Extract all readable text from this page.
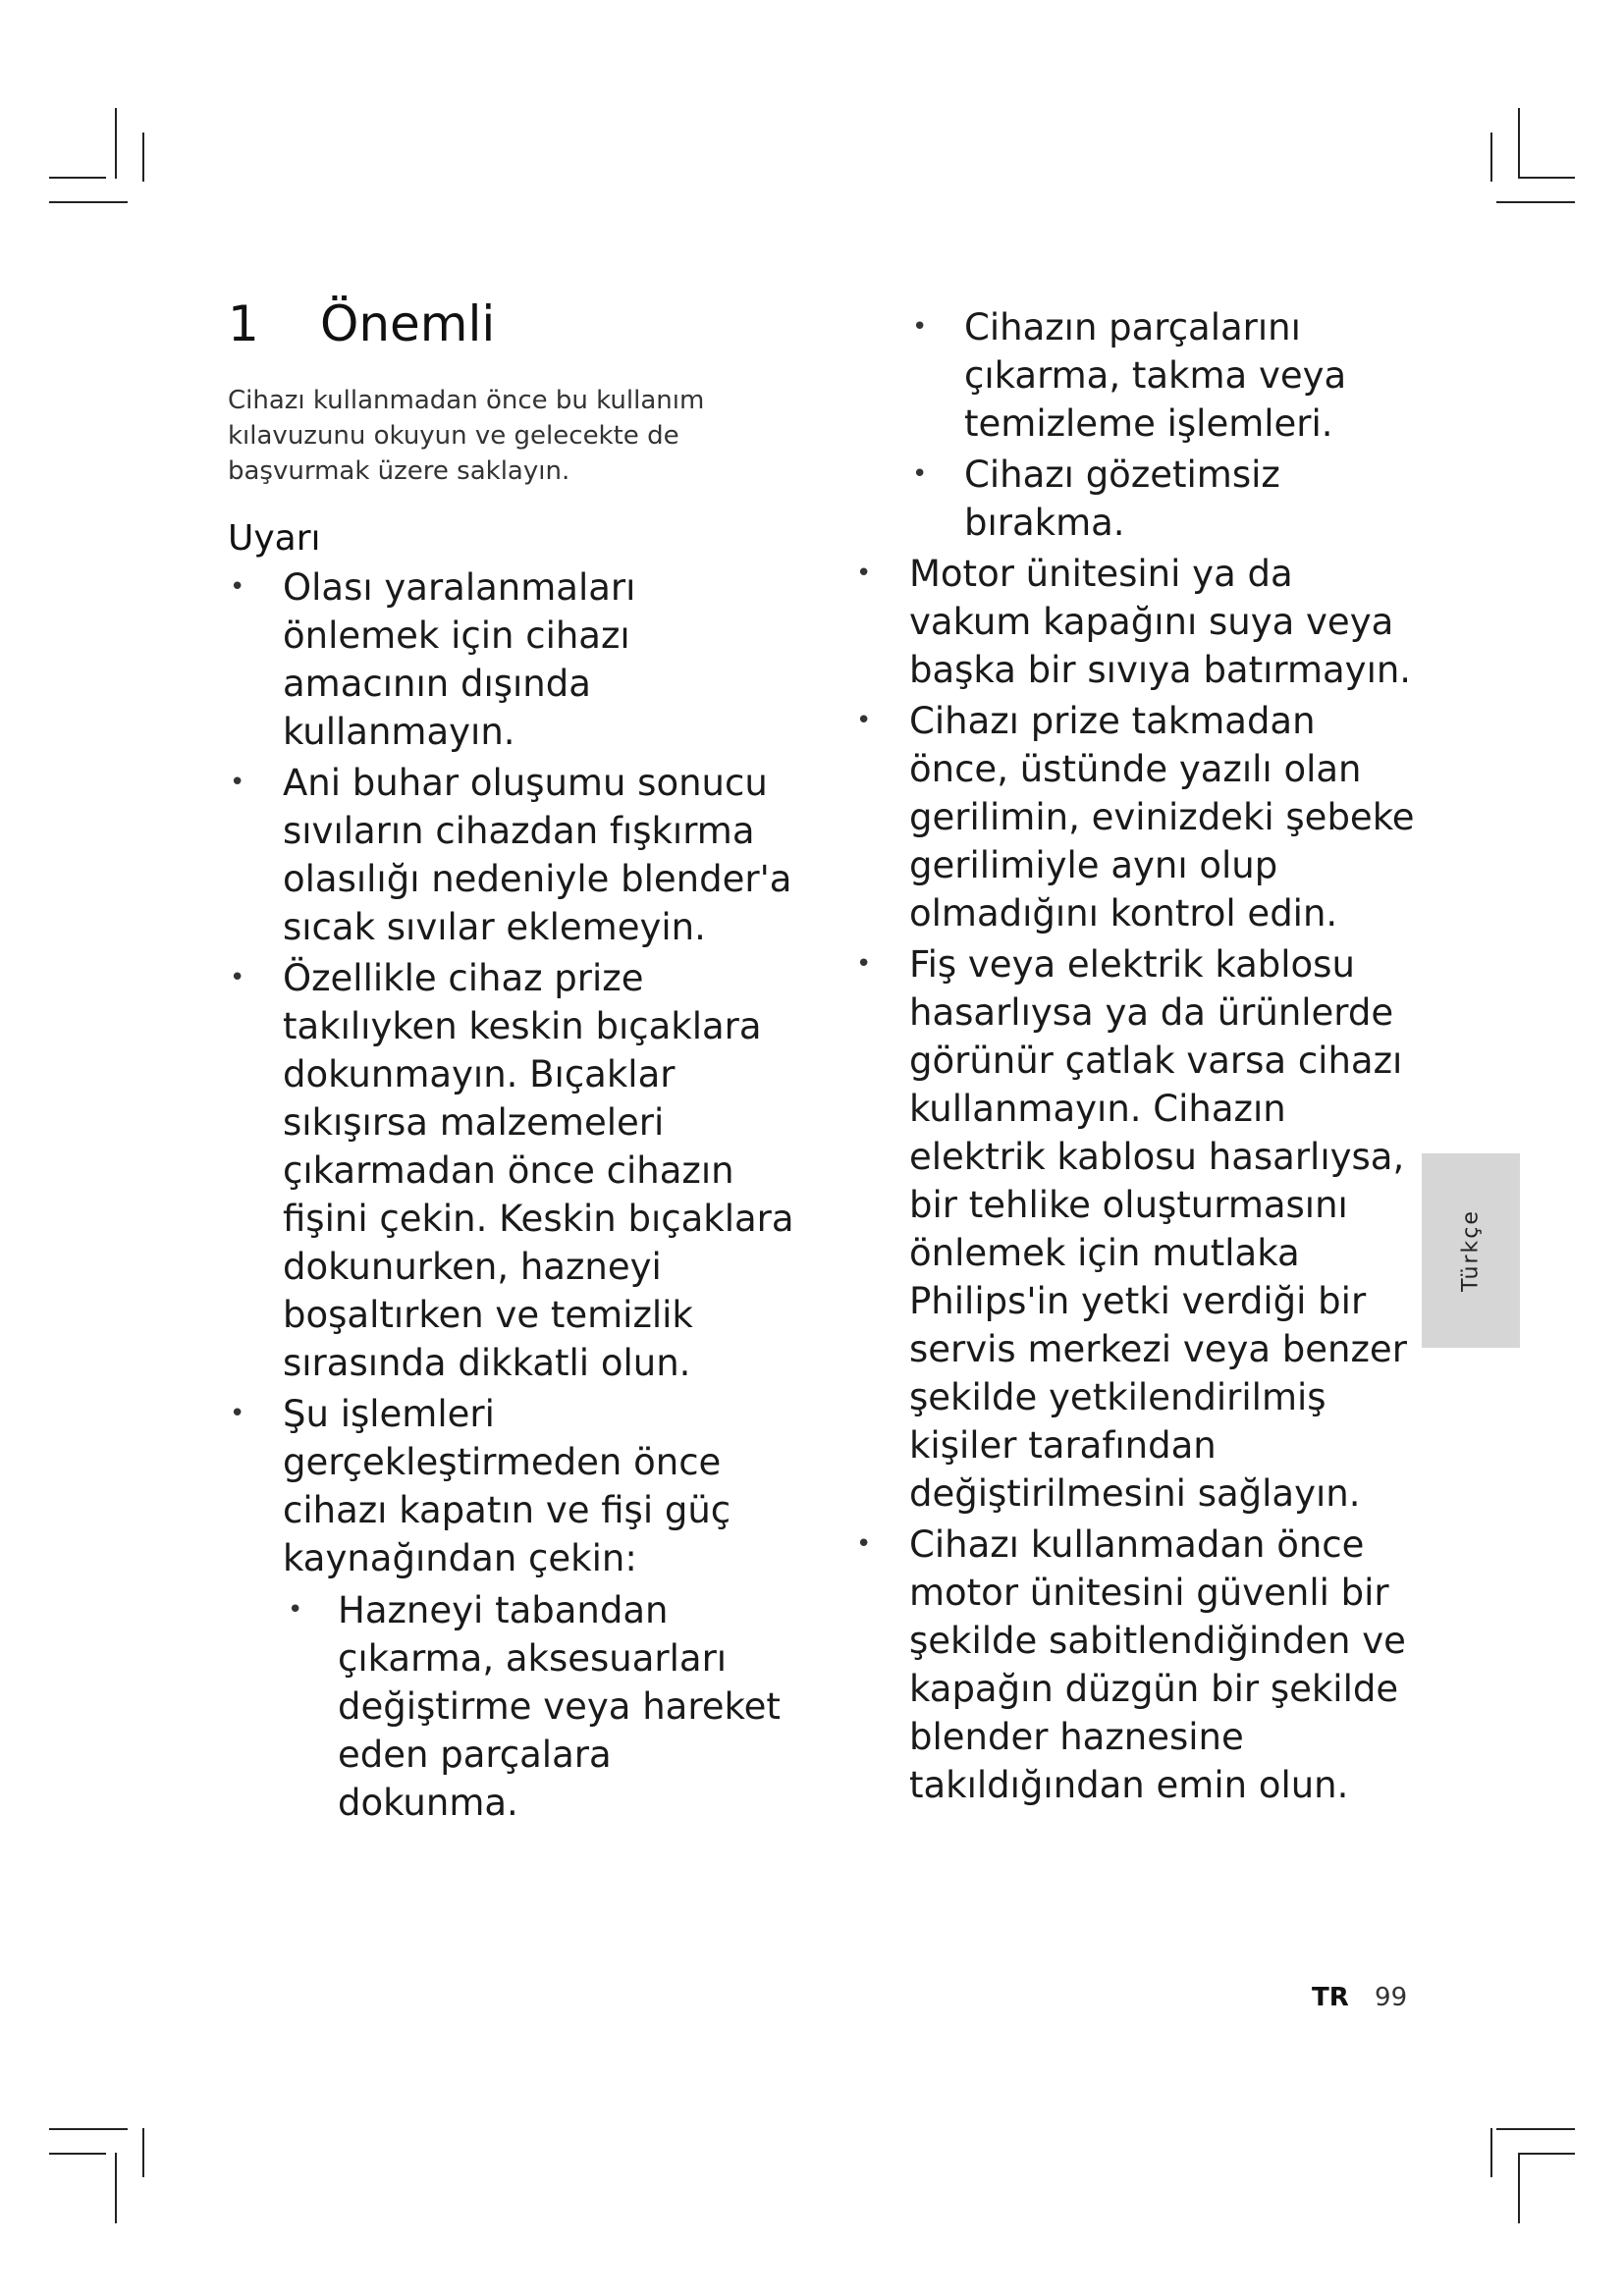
1	Önemli

Cihazı kullanmadan önce bu kullanım kılavuzunu okuyun ve gelecekte de başvurmak üzere saklayın.

Uyarı
• Olası yaralanmaları önlemek için cihazı amacının dışında kullanmayın.
• Ani buhar oluşumu sonucu sıvıların cihazdan fışkırma olasılığı nedeniyle blender'a sıcak sıvılar eklemeyin.
• Özellikle cihaz prize takılıyken keskin bıçaklara dokunmayın. Bıçaklar sıkışırsa malzemeleri çıkarmadan önce cihazın fişini çekin. Keskin bıçaklara dokunurken, hazneyi boşaltırken ve temizlik sırasında dikkatli olun.
• Şu işlemleri gerçekleştirmeden önce cihazı kapatın ve fişi güç kaynağından çekin:
• Hazneyi tabandan çıkarma, aksesuarları değiştirme veya hareket eden parçalara dokunma.
• Cihazın parçalarını çıkarma, takma veya temizleme işlemleri.
• Cihazı gözetimsiz bırakma.
• Motor ünitesini ya da vakum kapağını suya veya başka bir sıvıya batırmayın.
• Cihazı prize takmadan önce, üstünde yazılı olan gerilimin, evinizdeki şebeke gerilimiyle aynı olup olmadığını kontrol edin.
• Fiş veya elektrik kablosu hasarlıysa ya da ürünlerde görünür çatlak varsa cihazı kullanmayın. Cihazın elektrik kablosu hasarlıysa, bir tehlike oluşturmasını önlemek için mutlaka Philips'in yetki verdiği bir servis merkezi veya benzer şekilde yetkilendirilmiş kişiler tarafından değiştirilmesini sağlayın.
• Cihazı kullanmadan önce motor ünitesini güvenli bir şekilde sabitlendiğinden ve kapağın düzgün bir şekilde blender haznesine takıldığından emin olun.
Türkçe
TR 99
